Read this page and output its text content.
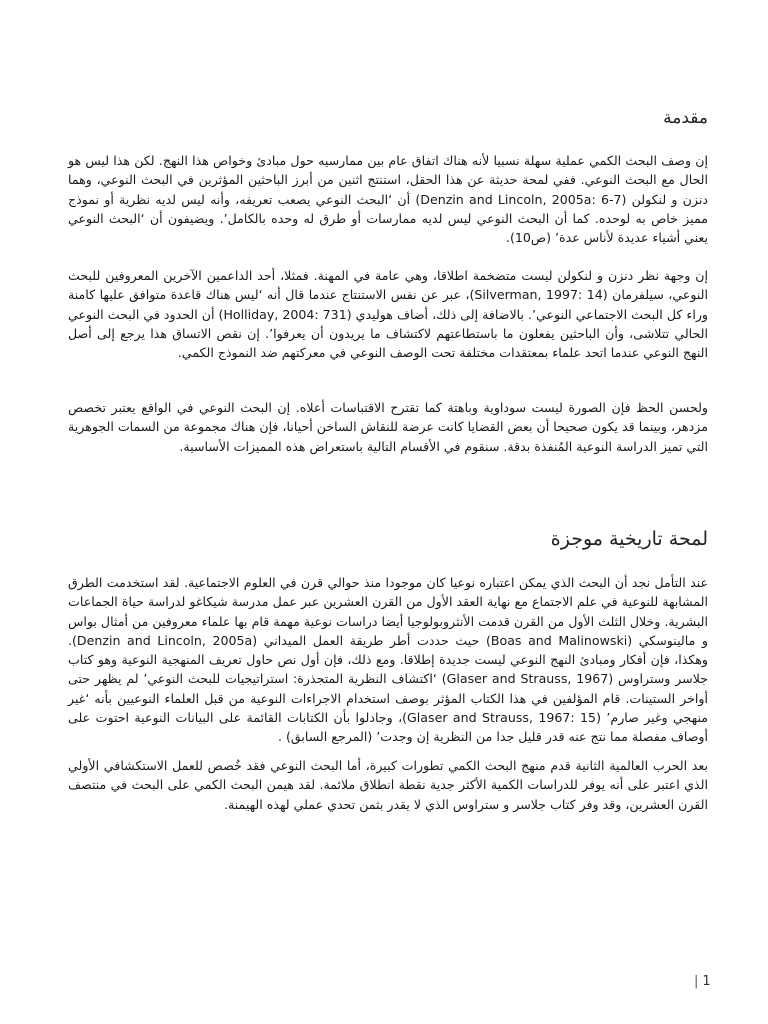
مقدمة

إن وصف البحث الكمي عملية سهلة نسبيا لأنه هناك اتفاق عام بين ممارسيه حول مبادئ وخواص هذا النهج. لكن هذا ليس هو الحال مع البحث النوعي. ففي لمحة حديثة عن هذا الحقل، استنتج اثنين من أبرز الباحثين المؤثرين في البحث النوعي، وهما دنزن و لنكولن (Denzin and Lincoln, 2005a: 6-7) أن ‘البحث النوعي يصعب تعريفه، وأنه ليس لديه نظرية أو نموذج مميز خاص به لوحده. كما أن البحث النوعي ليس لديه ممارسات أو طرق له وحده بالكامل’. ويضيفون أن ‘البحث النوعي يعني أشياء عديدة لأناس عدة’ (ص10).

إن وجهة نظر دنزن و لنكولن ليست متضخمة اطلاقا، وهي عامة في المهنة. فمثلا، أحد الداعمين الآخرين المعروفين للبحث النوعي، سيلفرمان (Silverman, 1997: 14)، عبر عن نفس الاستنتاج عندما قال أنه ‘ليس هناك قاعدة متوافق عليها كامنة وراء كل البحث الاجتماعي النوعي’. بالاضافة إلى ذلك، أضاف هوليدي (Holliday, 2004: 731) أن الحدود في البحث النوعي الحالي تتلاشى، وأن الباحثين يفعلون ما باستطاعتهم لاكتشاف ما يريدون أن يعرفوا’. إن نقص الاتساق هذا يرجع إلى أصل النهج النوعي عندما اتحد علماء بمعتقدات مختلفة تحت الوصف النوعي في معركتهم ضد النموذج الكمي.

ولحسن الحظ فإن الصورة ليست سوداوية وباهتة كما تقترح الاقتباسات أعلاه. إن البحث النوعي في الواقع يعتبر تخصص مزدهر، وبينما قد يكون صحيحا أن بعض القضايا كانت عرضة للنقاش الساخن أحيانا، فإن هناك مجموعة من السمات الجوهرية التي تميز الدراسة النوعية المُنفذة بدقة. سنقوم في الأقسام التالية باستعراض هذه المميزات الأساسية.

لمحة تاريخية موجزة

عند التأمل نجد أن البحث الذي يمكن اعتباره نوعيا كان موجودا منذ حوالي قرن في العلوم الاجتماعية. لقد استخدمت الطرق المشابهة للنوعية في علم الاجتماع مع نهاية العقد الأول من القرن العشرين عبر عمل مدرسة شيكاغو لدراسة حياة الجماعات البشرية. وخلال الثلث الأول من القرن قدمت الأنثروبولوجيا أيضا دراسات نوعية مهمة قام بها علماء معروفين من أمثال بواس و مالينوسكي (Boas and Malinowski) حيث حددت أطر طريقة العمل الميداني (Denzin and Lincoln, 2005a). وهكذا، فإن أفكار ومبادئ النهج النوعي ليست جديدة إطلاقا. ومع ذلك، فإن أول نص حاول تعريف المنهجية النوعية وهو كتاب جلاسر وستراوس (Glaser and Strauss, 1967) ‘اكتشاف النظرية المتجذرة: استراتيجيات للبحث النوعي’ لم يظهر حتى أواخر الستينات. قام المؤلفين في هذا الكتاب المؤثر بوصف استخدام الاجراءات النوعية من قبل العلماء النوعيين بأنه ‘غير منهجي وغير صارم’ (Glaser and Strauss, 1967: 15)، وجادلوا بأن الكتابات القائمة على البيانات النوعية احتوت على أوصاف مفصلة مما نتج عنه قدر قليل جدا من النظرية إن وجدت’ (المرجع السابق) .

بعد الحرب العالمية الثانية قدم منهج البحث الكمي تطورات كبيرة، أما البحث النوعي فقد خُصص للعمل الاستكشافي الأولي الذي اعتبر على أنه يوفر للدراسات الكمية الأكثر جدية نقطة انطلاق ملائمة. لقد هيمن البحث الكمي على البحث في منتصف القرن العشرين، وقد وفر كتاب جلاسر و ستراوس الذي لا يقدر بثمن تحدي عملي لهذه الهيمنة.

| 1
